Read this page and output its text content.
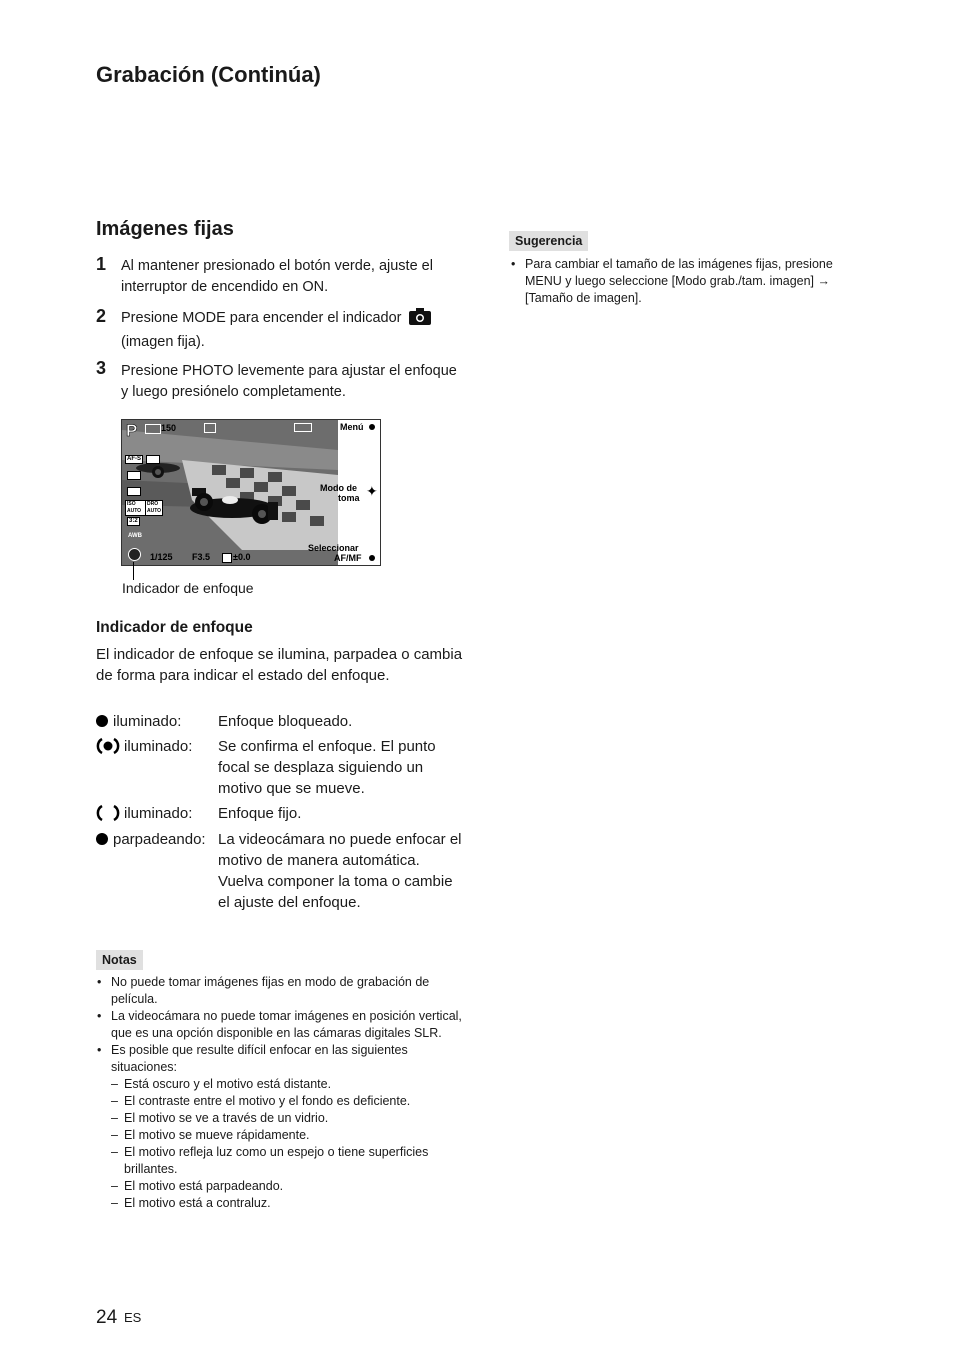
Grabación (Continúa)
Imágenes fijas
1 Al mantener presionado el botón verde, ajuste el interruptor de encendido en ON.
2 Presione MODE para encender el indicador
(imagen fija).
3 Presione PHOTO levemente para ajustar el enfoque y luego presiónelo completamente.
P	150	Menú
Modo de
toma ✦
Seleccionar
AF/MF
AF-S

ISO AUTO
DRO AUTO
3:2
AWB
1/125 F3.5	±0.0
Indicador de enfoque
Indicador de enfoque
El indicador de enfoque se ilumina, parpadea o cambia de forma para indicar el estado del enfoque.
iluminado: Enfoque bloqueado.
iluminado: Se confirma el enfoque. El punto focal se desplaza siguiendo un motivo que se mueve.
iluminado: Enfoque fijo.
parpadeando: La videocámara no puede enfocar el motivo de manera automática. Vuelva componer la toma o cambie el ajuste del enfoque.
Notas
• No puede tomar imágenes fijas en modo de grabación de película.
• La videocámara no puede tomar imágenes en posición vertical, que es una opción disponible en las cámaras digitales SLR.
• Es posible que resulte difícil enfocar en las siguientes situaciones:
– Está oscuro y el motivo está distante.
– El contraste entre el motivo y el fondo es deficiente.
– El motivo se ve a través de un vidrio.
– El motivo se mueve rápidamente.
– El motivo refleja luz como un espejo o tiene superficies brillantes.
– El motivo está parpadeando.
– El motivo está a contraluz.
Sugerencia
• Para cambiar el tamaño de las imágenes fijas, presione MENU y luego seleccione [Modo grab./tam. imagen] → [Tamaño de imagen].
24 ES
